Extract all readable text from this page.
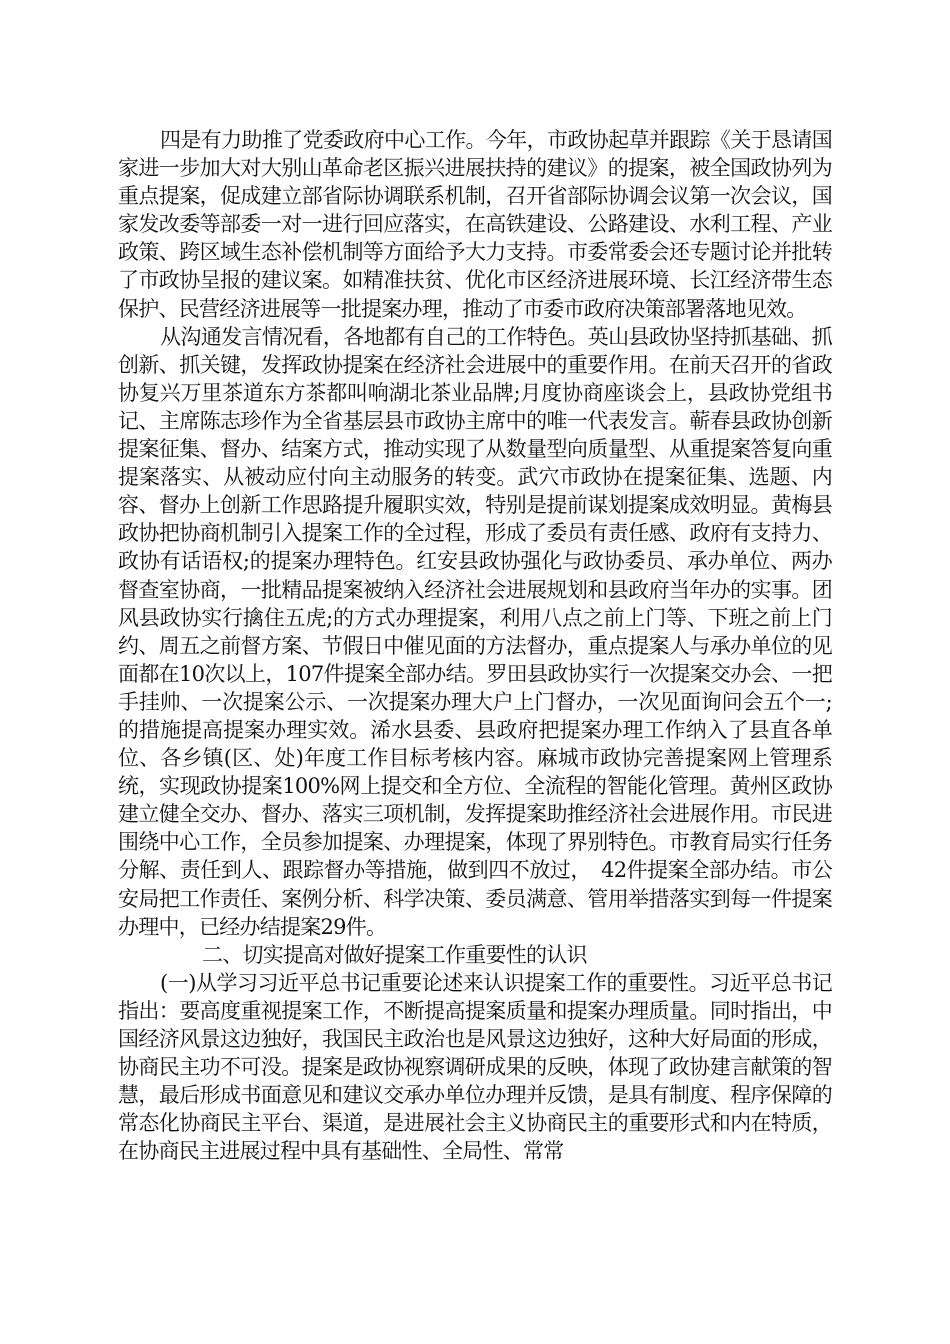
四是有力助推了党委政府中心工作。今年，市政协起草并跟踪《关于恳请国家进一步加大对大别山革命老区振兴进展扶持的建议》的提案，被全国政协列为重点提案，促成建立部省际协调联系机制，召开省部际协调会议第一次会议，国家发改委等部委一对一进行回应落实，在高铁建设、公路建设、水利工程、产业政策、跨区域生态补偿机制等方面给予大力支持。市委常委会还专题讨论并批转了市政协呈报的建议案。如精准扶贫、优化市区经济进展环境、长江经济带生态保护、民营经济进展等一批提案办理，推动了市委市政府决策部署落地见效。

从沟通发言情况看，各地都有自己的工作特色。英山县政协坚持抓基础、抓创新、抓关键，发挥政协提案在经济社会进展中的重要作用。在前天召开的省政协复兴万里茶道东方茶都叫响湖北茶业品牌;月度协商座谈会上，县政协党组书记、主席陈志珍作为全省基层县市政协主席中的唯一代表发言。蕲春县政协创新提案征集、督办、结案方式，推动实现了从数量型向质量型、从重提案答复向重提案落实、从被动应付向主动服务的转变。武穴市政协在提案征集、选题、内容、督办上创新工作思路提升履职实效，特别是提前谋划提案成效明显。黄梅县政协把协商机制引入提案工作的全过程，形成了委员有责任感、政府有支持力、政协有话语权;的提案办理特色。红安县政协强化与政协委员、承办单位、两办督查室协商，一批精品提案被纳入经济社会进展规划和县政府当年办的实事。团风县政协实行擒住五虎;的方式办理提案，利用八点之前上门等、下班之前上门约、周五之前督方案、节假日中催见面的方法督办，重点提案人与承办单位的见面都在10次以上，107件提案全部办结。罗田县政协实行一次提案交办会、一把手挂帅、一次提案公示、一次提案办理大户上门督办，一次见面询问会五个一;的措施提高提案办理实效。浠水县委、县政府把提案办理工作纳入了县直各单位、各乡镇(区、处)年度工作目标考核内容。麻城市政协完善提案网上管理系统，实现政协提案100%网上提交和全方位、全流程的智能化管理。黄州区政协建立健全交办、督办、落实三项机制，发挥提案助推经济社会进展作用。市民进围绕中心工作，全员参加提案、办理提案，体现了界别特色。市教育局实行任务分解、责任到人、跟踪督办等措施，做到四不放过，　42件提案全部办结。市公安局把工作责任、案例分析、科学决策、委员满意、管用举措落实到每一件提案办理中，已经办结提案29件。

二、切实提高对做好提案工作重要性的认识

(一)从学习习近平总书记重要论述来认识提案工作的重要性。习近平总书记指出：要高度重视提案工作，不断提高提案质量和提案办理质量。同时指出，中国经济风景这边独好，我国民主政治也是风景这边独好，这种大好局面的形成，协商民主功不可没。提案是政协视察调研成果的反映，体现了政协建言献策的智慧，最后形成书面意见和建议交承办单位办理并反馈，是具有制度、程序保障的常态化协商民主平台、渠道，是进展社会主义协商民主的重要形式和内在特质，在协商民主进展过程中具有基础性、全局性、常常
